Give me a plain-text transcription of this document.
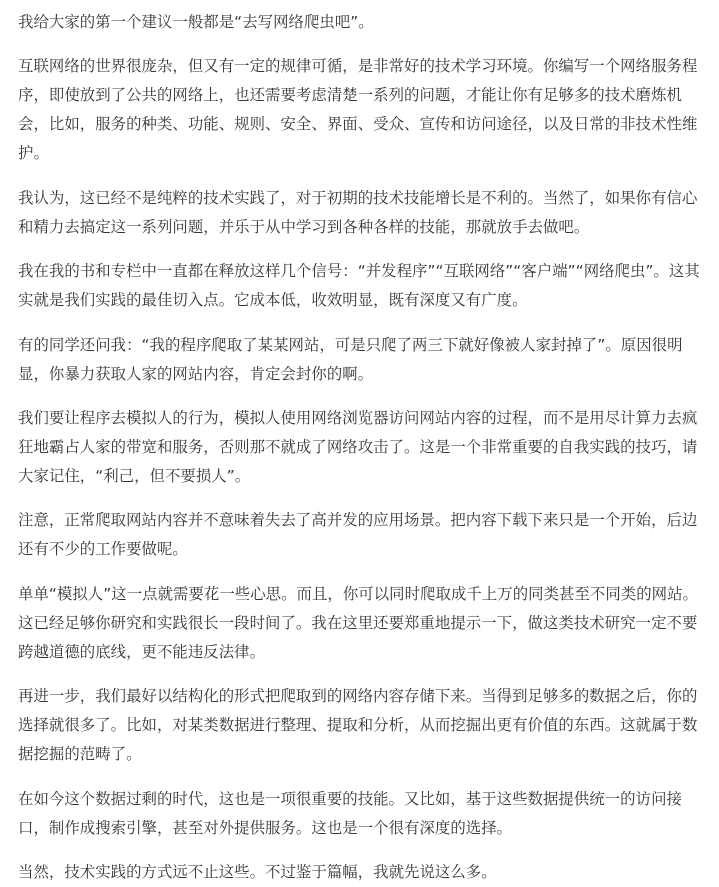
我给大家的第一个建议一般都是“去写网络爬虫吧”。

互联网络的世界很庞杂，但又有一定的规律可循，是非常好的技术学习环境。你编写一个网络服务程序，即使放到了公共的网络上，也还需要考虑清楚一系列的问题，才能让你有足够多的技术磨炼机会，比如，服务的种类、功能、规则、安全、界面、受众、宣传和访问途径，以及日常的非技术性维护。

我认为，这已经不是纯粹的技术实践了，对于初期的技术技能增长是不利的。当然了，如果你有信心和精力去搞定这一系列问题，并乐于从中学习到各种各样的技能，那就放手去做吧。

我在我的书和专栏中一直都在释放这样几个信号：“并发程序”“互联网络”“客户端”“网络爬虫”。这其实就是我们实践的最佳切入点。它成本低，收效明显，既有深度又有广度。

有的同学还问我：“我的程序爬取了某某网站，可是只爬了两三下就好像被人家封掉了”。原因很明显，你暴力获取人家的网站内容，肯定会封你的啊。

我们要让程序去模拟人的行为，模拟人使用网络浏览器访问网站内容的过程，而不是用尽计算力去疯狂地霸占人家的带宽和服务，否则那不就成了网络攻击了。这是一个非常重要的自我实践的技巧，请大家记住，“利己，但不要损人”。

注意，正常爬取网站内容并不意味着失去了高并发的应用场景。把内容下载下来只是一个开始，后边还有不少的工作要做呢。

单单“模拟人”这一点就需要花一些心思。而且，你可以同时爬取成千上万的同类甚至不同类的网站。这已经足够你研究和实践很长一段时间了。我在这里还要郑重地提示一下，做这类技术研究一定不要跨越道德的底线，更不能违反法律。

再进一步，我们最好以结构化的形式把爬取到的网络内容存储下来。当得到足够多的数据之后，你的选择就很多了。比如，对某类数据进行整理、提取和分析，从而挖掘出更有价值的东西。这就属于数据挖掘的范畴了。

在如今这个数据过剩的时代，这也是一项很重要的技能。又比如，基于这些数据提供统一的访问接口，制作成搜索引擎，甚至对外提供服务。这也是一个很有深度的选择。

当然，技术实践的方式远不止这些。不过鉴于篇幅，我就先说这么多。
